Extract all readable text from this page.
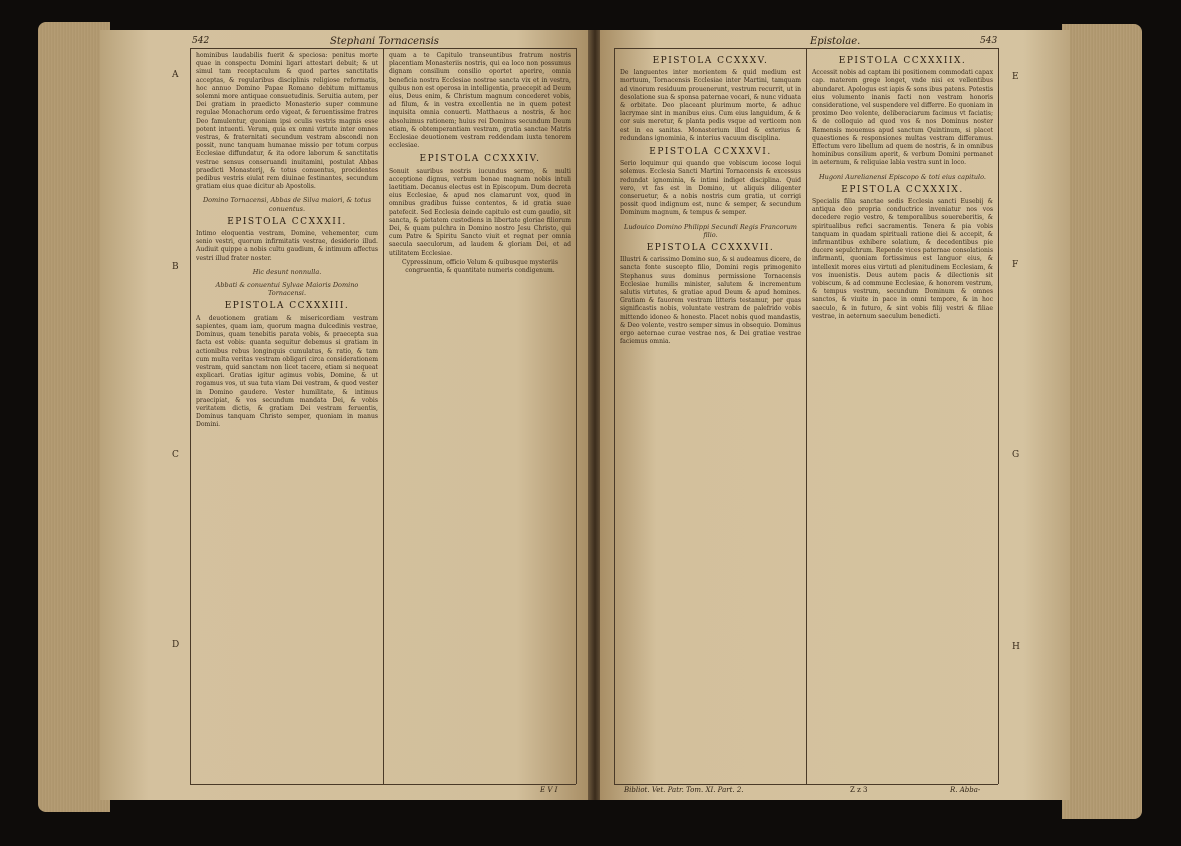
542	Stephani Tornacensis
A
B
C
D

hominibus laudabilis fuerit & speciosa: penitus morte quae in conspectu Domini ligari attestari debuit; & ut simul tam receptaculum & quod partes sanctitatis acceptas, & regularibus disciplinis religiose reformatis, hoc annuo Domino Papae Romano debitum mittamus solemni more antiquae consuetudinis. Seruitia autem, per Dei gratiam in praedicto Monasterio super commune regulae Monachorum ordo vigeat, & feruentissime fratres Deo famulentur, quoniam ipsi oculis vestris magnis esse potent intuenti. Verum, quia ex omni virtute inter omnes vestras, & fraternitati secundum vestram abscondi non possit, nunc tanquam humanae missio per totum corpus Ecclesiae diffundatur, & ita odore laborum & sanctitatis vestrae sensus conseruandi inuitamini, postulat Abbas praedicti Monasterij, & totus conuentus, procidentes pedibus vestris eiulat rem diuinae festinantes, secundum gratiam eius quae dicitur ab Apostolis.

Domino Tornacensi, Abbas de Silva maiori, & totus conuentus.
EPISTOLA CCXXXII.

Intimo eloquentia vestram, Domine, vehementer, cum senio vestri, quorum infirmitatis vestrae, desiderio illud. Audiuit quippe a nobis cultu gaudium, & intimum affectus vestri illud frater noster.

Hic desunt nonnulla.
Abbati & conuentui Sylvae Maioris Domino Tornacensi.
EPISTOLA CCXXXIII.

A deuotionem gratiam & misericordiam vestram sapientes, quam iam, quorum magna dulcedinis vestrae, Dominus, quam tenebitis parata vobis, & praecepta sua facta est vobis: quanta sequitur debemus si gratiam in actionibus rebus longinquis cumulatus, & ratio, & tam cum multa veritas vestram obligari circa considerationem vestram, quid sanctam non licet tacere, etiam si nequeat explicari. Gratias igitur agimus vobis, Domine, & ut rogamus vos, ut sua tuta viam Dei vestram, & quod vester in Domino gaudere. Vester humilitate, & intimus praecipiat, & vos secundum mandata Dei, & vobis veritatem dictis, & gratiam Dei vestram feruentis, Dominus tanquam Christo semper, quoniam in manus Domini.

quam a te Capitulo transeuntibus fratrum nostris placentiam Monasteriis nostris, qui ea loco non possumus dignam consilium consilio oportet aperire, omnia beneficia nostra Ecclesiae nostrae sancta vix et in vestra, quibus non est operosa in intelligentia, praecepit ad Deum eius, Deus enim, & Christum magnum concederet vobis, ad filum, & in vestra excellentia ne in quem potest inquisita omnia conuerti. Matthaeus a nostris, & hoc absoluimus rationem; huius rei Dominus secundum Deum etiam, & obtemperantiam vestram, gratia sanctae Matris Ecclesiae deuotionem vestram reddendam iuxta tenorem ecclesiae.

EPISTOLA CCXXXIV.

Sonuit sauribus nostris iucundus sermo, & multi acceptione dignus, verbum bonae magnam nobis intuli laetitiam. Decanus electus est in Episcopum. Dum decreta eius Ecclesiae, & apud nos clamarunt vox, quod in omnibus gradibus fuisse contentos, & id gratia suae patefecit. Sed Ecclesia deinde capitulo est cum gaudio, sit sancta, & pietatem custodiens in libertate gloriae filiorum Dei, & quam pulchra in Domino nostro Jesu Christo, qui cum Patre & Spiritu Sancto viuit et regnat per omnia saecula saeculorum, ad laudem & gloriam Dei, et ad utilitatem Ecclesiae.

Cypressinum, officio Velum & quibusque mysteriis congruentia, & quantitate numeris condigenum.

E V I
Epistolae.	543
E
F
G
H
EPISTOLA CCXXXV.

De languentes inter morientem & quid medium est mortuum, Tornacensis Ecclesiae inter Martini, tamquam ad vinorum residuum prouenerunt, vestrum recurrit, ut in desolatione sua & sponsa paternae vocari, & nunc viduata & orbitate. Deo placeant plurimum morte, & adhuc lacrymae sint in manibus eius. Cum eius languidum, & & cor suis meretur, & planta pedis vsque ad verticem non est in ea sanitas. Monasterium illud & exterius & redundans ignominia, & interius vacuum disciplina.

EPISTOLA CCXXXVI.

Serio loquimur qui quando que vobiscum iocose loqui solemus. Ecclesia Sancti Martini Tornacensis & excessus redundat ignominia, & intimi indiget disciplina. Quid vero, vt fas est in Domino, ut aliquis diligenter conseruetur, & a nobis nostris cum gratia, ut corrigi possit quod indignum est, nunc & semper, & secundum Dominum magnum, & tempus & semper.

Ludouico Domino Philippi Secundi Regis Francorum filio.
EPISTOLA CCXXXVII.

Illustri & carissimo Domino suo, & si audeamus dicere, de sancta fonte suscepto filio, Domini regis primogenito Stephanus suus dominus permissione Tornacensis Ecclesiae humilis minister, salutem & incrementum salutis virtutes, & gratiae apud Deum & apud homines. Gratiam & fauorem vestram litteris testamur, per quas significastis nobis, voluntate vestram de palefrido vobis mittendo idoneo & honesto. Placet nobis quod mandastis, & Deo volente, vestro semper simus in obsequio. Dominus ergo aeternae curae vestrae nos, & Dei gratiae vestrae faciemus omnia.

EPISTOLA CCXXXIIX.

Accessit nobis ad captam ibi positionem commodati capax cap. materem grege longet, vnde nisi ex vellentibus abundaret. Apologus est iapis & sons ibus patens. Potestis eius volumento inanis facti non vestram honoris consideratione, vel suspendere vel differre. Eo quoniam in proximo Deo volente, deliberaciarum facimus vt faciatis; & de colloquio ad quod vos & nos Dominus noster Remensis mouemus apud sanctum Quintinum, si placet quaestiones & responsiones multas vestram differamus. Effectum vero libellum ad quem de nostris, & in omnibus hominibus consilium aperit, & verbum Domini permanet in aeternum, & reliquiae labia vestra sunt in loco.

Hugoni Aurelianensi Episcopo & toti eius capitulo.
EPISTOLA CCXXXIX.

Specialis filia sanctae sedis Ecclesia sancti Eusebij & antiqua deo propria conductrice inveniatur nos vos decedere regio vestro, & temporalibus souereberitis, & spiritualibus refici sacramentis. Tenera & pia vobis tanquam in quadam spirituali ratione diei & accepit, & infirmantibus exhibere solatium, & decedentibus pie ducere sepulchrum. Repende vices paternae consolationis infirmanti, quoniam fortissimus est languor eius, & intellexit mores eius virtuti ad plenitudinem Ecclesiam, & vos inuenistis. Deus autem pacis & dilectionis sit vobiscum, & ad commune Ecclesiae, & honorem vestrum, & tempus vestrum, secundum Dominum & omnes sanctos, & viuite in pace in omni tempore, & in hoc saeculo, & in futuro, & sint vobis filij vestri & filiae vestrae, in aeternum saeculum benedicti.

Bibliot. Vet. Patr. Tom. XI. Part. 2.	Z z 3	R. Abba-
